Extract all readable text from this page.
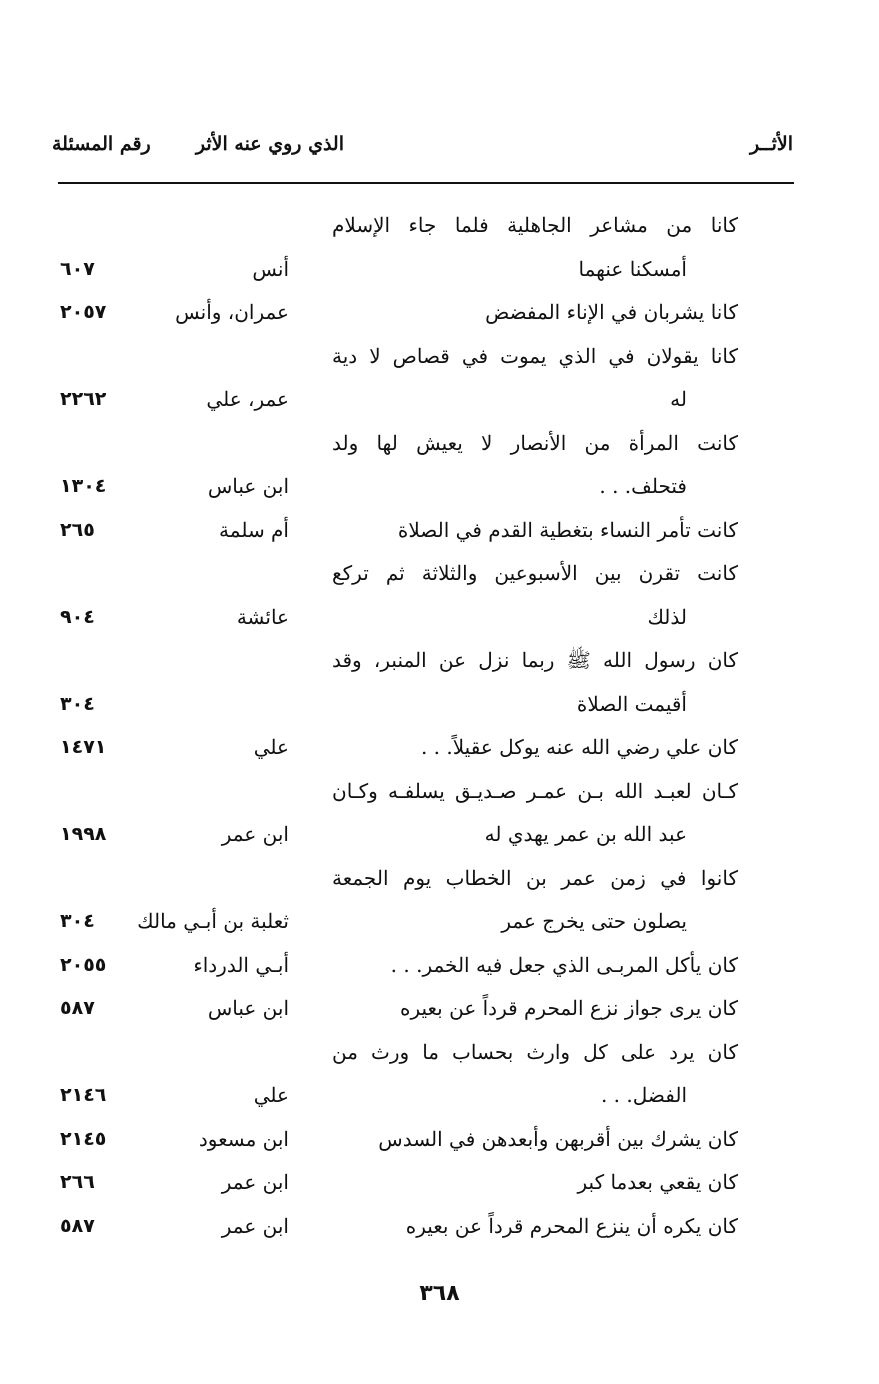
الأثــر
الذي روي عنه الأثر
رقم المسئلة
كانا من مشاعر الجاهلية فلما جاء الإسلام
أمسكنا عنهما
أنس
٦٠٧
كانا يشربان في الإناء المفضض
عمران، وأنس
٢٠٥٧
كانا يقولان في الذي يموت في قصاص لا دية
له
عمر، علي
٢٢٦٢
كانت المرأة من الأنصار لا يعيش لها ولد
فتحلف. . .
ابن عباس
١٣٠٤
كانت تأمر النساء بتغطية القدم في الصلاة
أم سلمة
٢٦٥
كانت تقرن بين الأسبوعين والثلاثة ثم تركع
لذلك
عائشة
٩٠٤
كان رسول الله ﷺ ربما نزل عن المنبر، وقد
أقيمت الصلاة
٣٠٤
كان علي رضي الله عنه يوكل عقيلاً. . .
علي
١٤٧١
كـان لعبـد الله بـن عمـر صـديـق يسلفـه وكـان
عبد الله بن عمر يهدي له
ابن عمر
١٩٩٨
كانوا في زمن عمر بن الخطاب يوم الجمعة
يصلون حتى يخرج عمر
ثعلبة بن أبـي مالك
٣٠٤
كان يأكل المربـى الذي جعل فيه الخمر. . .
أبـي الدرداء
٢٠٥٥
كان يرى جواز نزع المحرم قرداً عن بعيره
ابن عباس
٥٨٧
كان يرد على كل وارث بحساب ما ورث من
الفضل. . .
علي
٢١٤٦
كان يشرك بين أقربهن وأبعدهن في السدس
ابن مسعود
٢١٤٥
كان يقعي بعدما كبر
ابن عمر
٢٦٦
كان يكره أن ينزع المحرم قرداً عن بعيره
ابن عمر
٥٨٧
٣٦٨
